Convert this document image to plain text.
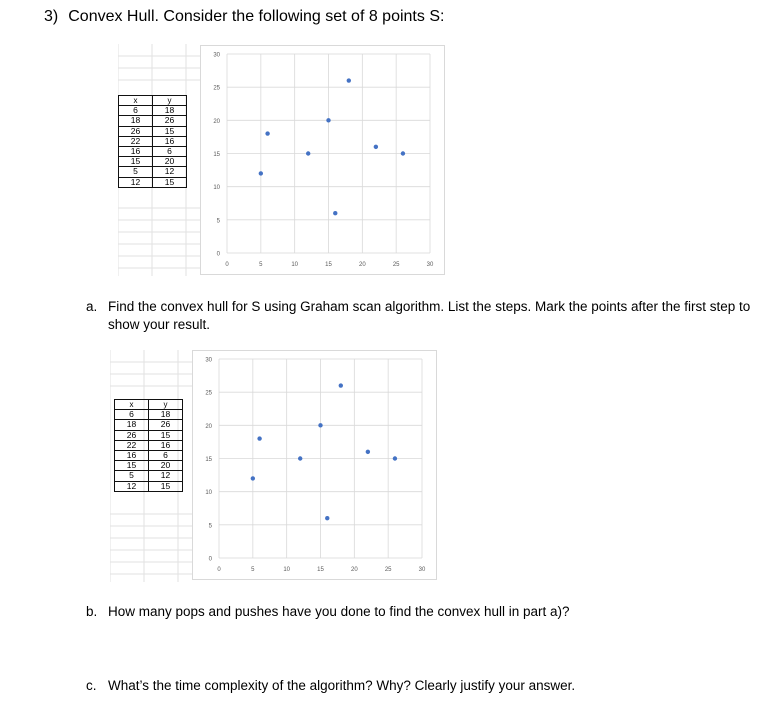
3) Convex Hull. Consider the following set of 8 points S:
x	y
6	18
18	26
26	15
22	16
16	6
15	20
5	12
12	15
0
5
10
15
20
25
30
0	5	10	15	20	25	30
a. Find the convex hull for S using Graham scan algorithm. List the steps. Mark the points after the first step to
show your result.
x	y
6	18
18	26
26	15
22	16
16	6
15	20
5	12
12	15
0
5
10
15
20
25
30
0	5	10	15	20	25	30
b. How many pops and pushes have you done to find the convex hull in part a)?
c. What’s the time complexity of the algorithm? Why? Clearly justify your answer.
